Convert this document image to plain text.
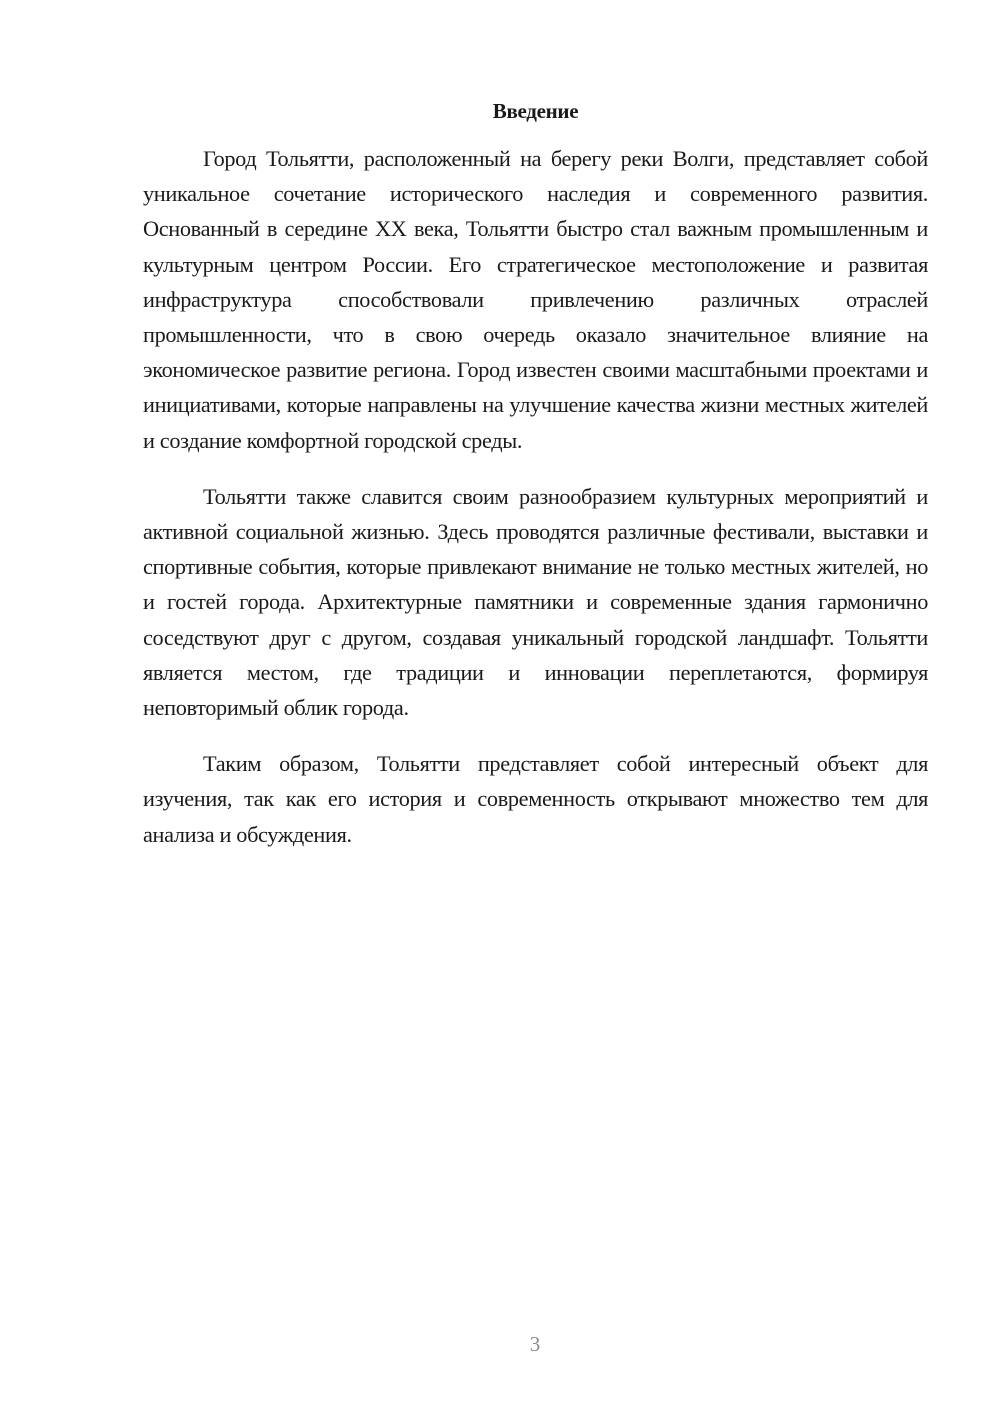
Введение

Город Тольятти, расположенный на берегу реки Волги, представляет собой уникальное сочетание исторического наследия и современного развития. Основанный в середине XX века, Тольятти быстро стал важным промышленным и культурным центром России. Его стратегическое местоположение и развитая инфраструктура способствовали привлечению различных отраслей промышленности, что в свою очередь оказало значительное влияние на экономическое развитие региона. Город известен своими масштабными проектами и инициативами, которые направлены на улучшение качества жизни местных жителей и создание комфортной городской среды.

Тольятти также славится своим разнообразием культурных мероприятий и активной социальной жизнью. Здесь проводятся различные фестивали, выставки и спортивные события, которые привлекают внимание не только местных жителей, но и гостей города. Архитектурные памятники и современные здания гармонично соседствуют друг с другом, создавая уникальный городской ландшафт. Тольятти является местом, где традиции и инновации переплетаются, формируя неповторимый облик города.

Таким образом, Тольятти представляет собой интересный объект для изучения, так как его история и современность открывают множество тем для анализа и обсуждения.

3
